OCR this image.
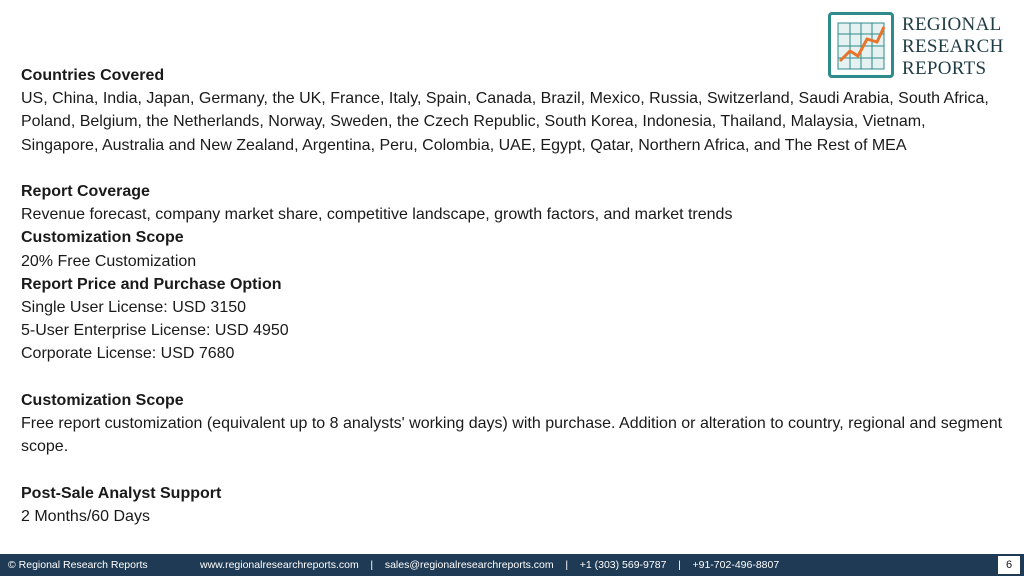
REGIONAL
RESEARCH
REPORTS
Countries Covered
US, China, India, Japan, Germany, the UK, France, Italy, Spain, Canada, Brazil, Mexico, Russia, Switzerland, Saudi Arabia, South Africa, Poland, Belgium, the Netherlands, Norway, Sweden, the Czech Republic, South Korea, Indonesia, Thailand, Malaysia, Vietnam, Singapore, Australia and New Zealand, Argentina, Peru, Colombia, UAE, Egypt, Qatar, Northern Africa, and The Rest of MEA
Report Coverage
Revenue forecast, company market share, competitive landscape, growth factors, and market trends
Customization Scope
20% Free Customization
Report Price and Purchase Option
Single User License: USD 3150
5-User Enterprise License: USD 4950
Corporate License: USD 7680
Customization Scope
Free report customization (equivalent up to 8 analysts' working days) with purchase. Addition or alteration to country, regional and segment scope.
Post-Sale Analyst Support
2 Months/60 Days
© Regional Research Reports	www.regionalresearchreports.com | sales@regionalresearchreports.com | +1 (303) 569-9787 | +91-702-496-8807	6
